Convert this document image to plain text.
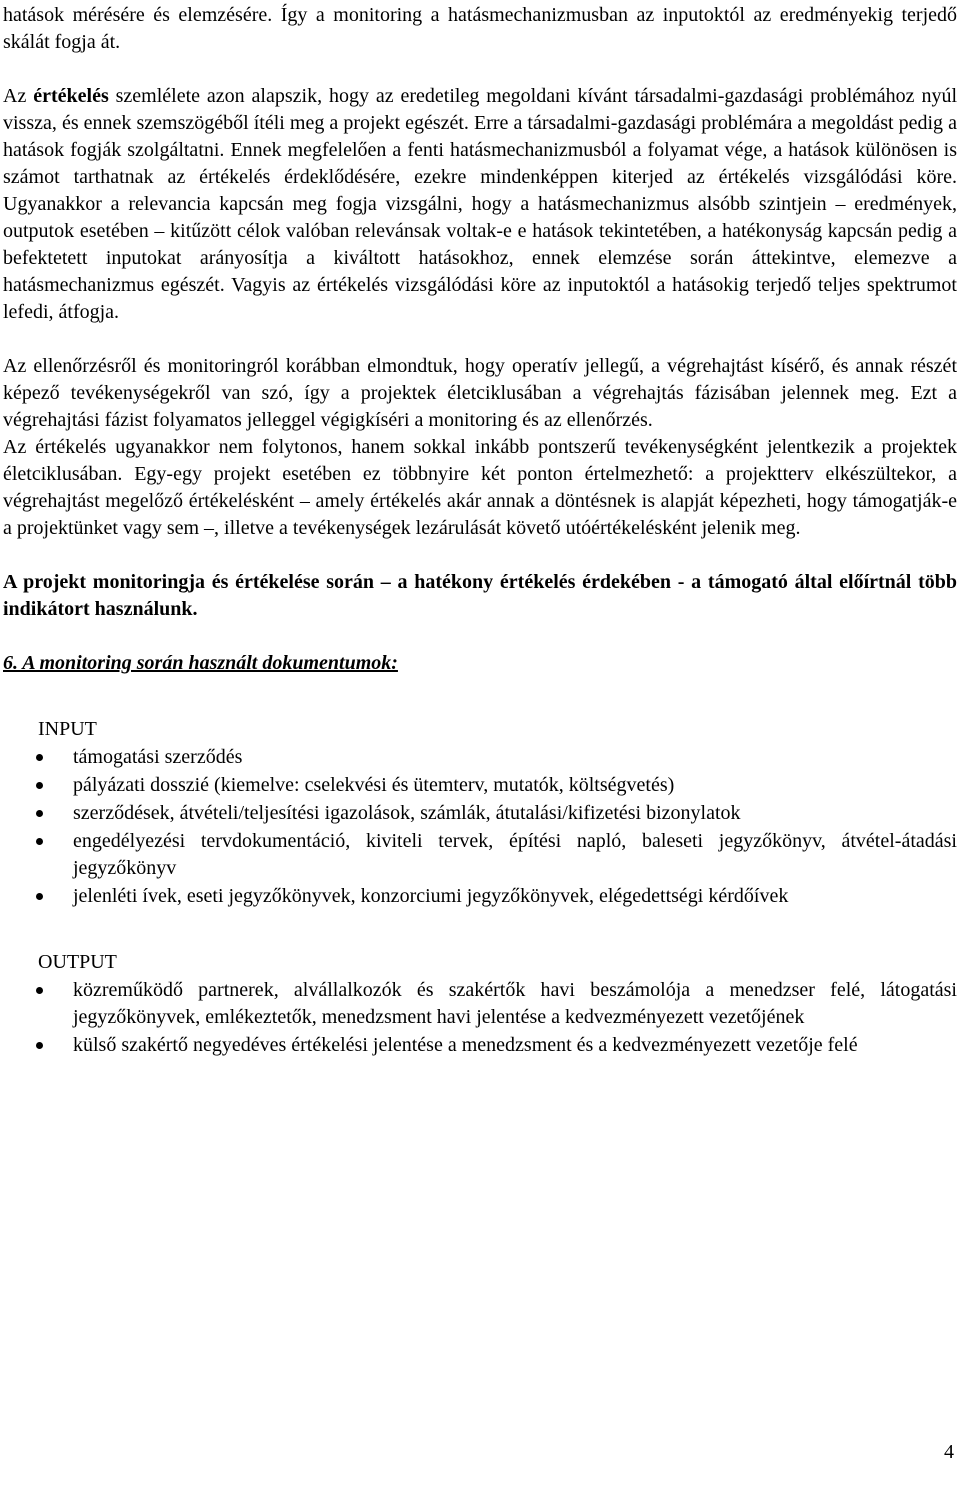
hatások mérésére és elemzésére. Így a monitoring a hatásmechanizmusban az inputoktól az eredményekig terjedő skálát fogja át.

Az értékelés szemlélete azon alapszik, hogy az eredetileg megoldani kívánt társadalmi-gazdasági problémához nyúl vissza, és ennek szemszögéből ítéli meg a projekt egészét. Erre a társadalmi-gazdasági problémára a megoldást pedig a hatások fogják szolgáltatni. Ennek megfelelően a fenti hatásmechanizmusból a folyamat vége, a hatások különösen is számot tarthatnak az értékelés érdeklődésére, ezekre mindenképpen kiterjed az értékelés vizsgálódási köre. Ugyanakkor a relevancia kapcsán meg fogja vizsgálni, hogy a hatásmechanizmus alsóbb szintjein – eredmények, outputok esetében – kitűzött célok valóban relevánsak voltak-e e hatások tekintetében, a hatékonyság kapcsán pedig a befektetett inputokat arányosítja a kiváltott hatásokhoz, ennek elemzése során áttekintve, elemezve a hatásmechanizmus egészét. Vagyis az értékelés vizsgálódási köre az inputoktól a hatásokig terjedő teljes spektrumot lefedi, átfogja.

Az ellenőrzésről és monitoringról korábban elmondtuk, hogy operatív jellegű, a végrehajtást kísérő, és annak részét képező tevékenységekről van szó, így a projektek életciklusában a végrehajtás fázisában jelennek meg. Ezt a végrehajtási fázist folyamatos jelleggel végigkíséri a monitoring és az ellenőrzés.

Az értékelés ugyanakkor nem folytonos, hanem sokkal inkább pontszerű tevékenységként jelentkezik a projektek életciklusában. Egy-egy projekt esetében ez többnyire két ponton értelmezhető: a projektterv elkészültekor, a végrehajtást megelőző értékelésként – amely értékelés akár annak a döntésnek is alapját képezheti, hogy támogatják-e a projektünket vagy sem –, illetve a tevékenységek lezárulását követő utóértékelésként jelenik meg.

A projekt monitoringja és értékelése során – a hatékony értékelés érdekében - a támogató által előírtnál több indikátort használunk.

6. A monitoring során használt dokumentumok:
INPUT
támogatási szerződés
pályázati dosszié (kiemelve: cselekvési és ütemterv, mutatók, költségvetés)
szerződések, átvételi/teljesítési igazolások, számlák, átutalási/kifizetési bizonylatok
engedélyezési tervdokumentáció, kiviteli tervek, építési napló, baleseti jegyzőkönyv, átvétel-átadási jegyzőkönyv
jelenléti ívek, eseti jegyzőkönyvek, konzorciumi jegyzőkönyvek, elégedettségi kérdőívek
OUTPUT
közreműködő partnerek, alvállalkozók és szakértők havi beszámolója a menedzser felé, látogatási jegyzőkönyvek, emlékeztetők, menedzsment havi jelentése a kedvezményezett vezetőjének
külső szakértő negyedéves értékelési jelentése a menedzsment és a kedvezményezett vezetője felé
4
